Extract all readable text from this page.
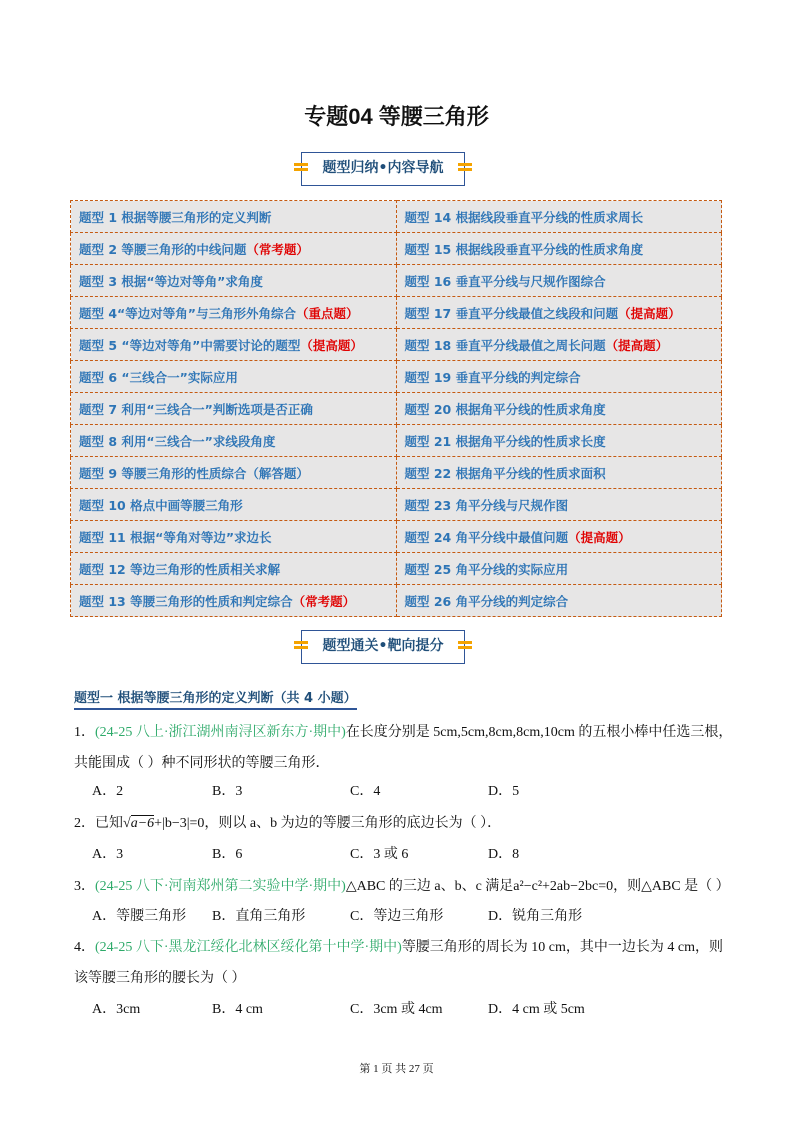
专题04 等腰三角形
题型归纳•内容导航
题型 1 根据等腰三角形的定义判断	题型 14 根据线段垂直平分线的性质求周长
题型 2 等腰三角形的中线问题（常考题）	题型 15 根据线段垂直平分线的性质求角度
题型 3 根据“等边对等角”求角度	题型 16 垂直平分线与尺规作图综合
题型 4“等边对等角”与三角形外角综合（重点题）	题型 17 垂直平分线最值之线段和问题（提高题）
题型 5 “等边对等角”中需要讨论的题型（提高题）	题型 18 垂直平分线最值之周长问题（提高题）
题型 6 “三线合一”实际应用	题型 19 垂直平分线的判定综合
题型 7 利用“三线合一”判断选项是否正确	题型 20 根据角平分线的性质求角度
题型 8 利用“三线合一”求线段角度	题型 21 根据角平分线的性质求长度
题型 9 等腰三角形的性质综合（解答题）	题型 22 根据角平分线的性质求面积
题型 10 格点中画等腰三角形	题型 23 角平分线与尺规作图
题型 11 根据“等角对等边”求边长	题型 24 角平分线中最值问题（提高题）
题型 12 等边三角形的性质相关求解	题型 25 角平分线的实际应用
题型 13 等腰三角形的性质和判定综合（常考题）	题型 26 角平分线的判定综合
题型通关•靶向提分
题型一 根据等腰三角形的定义判断（共 4 小题）
1．(24-25 八上·浙江湖州南浔区新东方·期中)在长度分别是 5cm,5cm,8cm,8cm,10cm 的五根小棒中任选三根，
共能围成（ ）种不同形状的等腰三角形．
A．2	B．3	C．4	D．5
2．已知√a−6+|b−3|=0，则以 a、b 为边的等腰三角形的底边长为（ ）．
A．3	B．6	C．3 或 6	D．8
3．(24-25 八下·河南郑州第二实验中学·期中)△ABC 的三边 a、b、c 满足a²−c²+2ab−2bc=0，则△ABC 是（ ）
A．等腰三角形 B．直角三角形	C．等边三角形	D．锐角三角形
4．(24-25 八下·黑龙江绥化北林区绥化第十中学·期中)等腰三角形的周长为 10 cm，其中一边长为 4 cm，则
该等腰三角形的腰长为（ ）
A．3cm	B．4 cm	C．3cm 或 4cm	D．4 cm 或 5cm
第 1 页 共 27 页
